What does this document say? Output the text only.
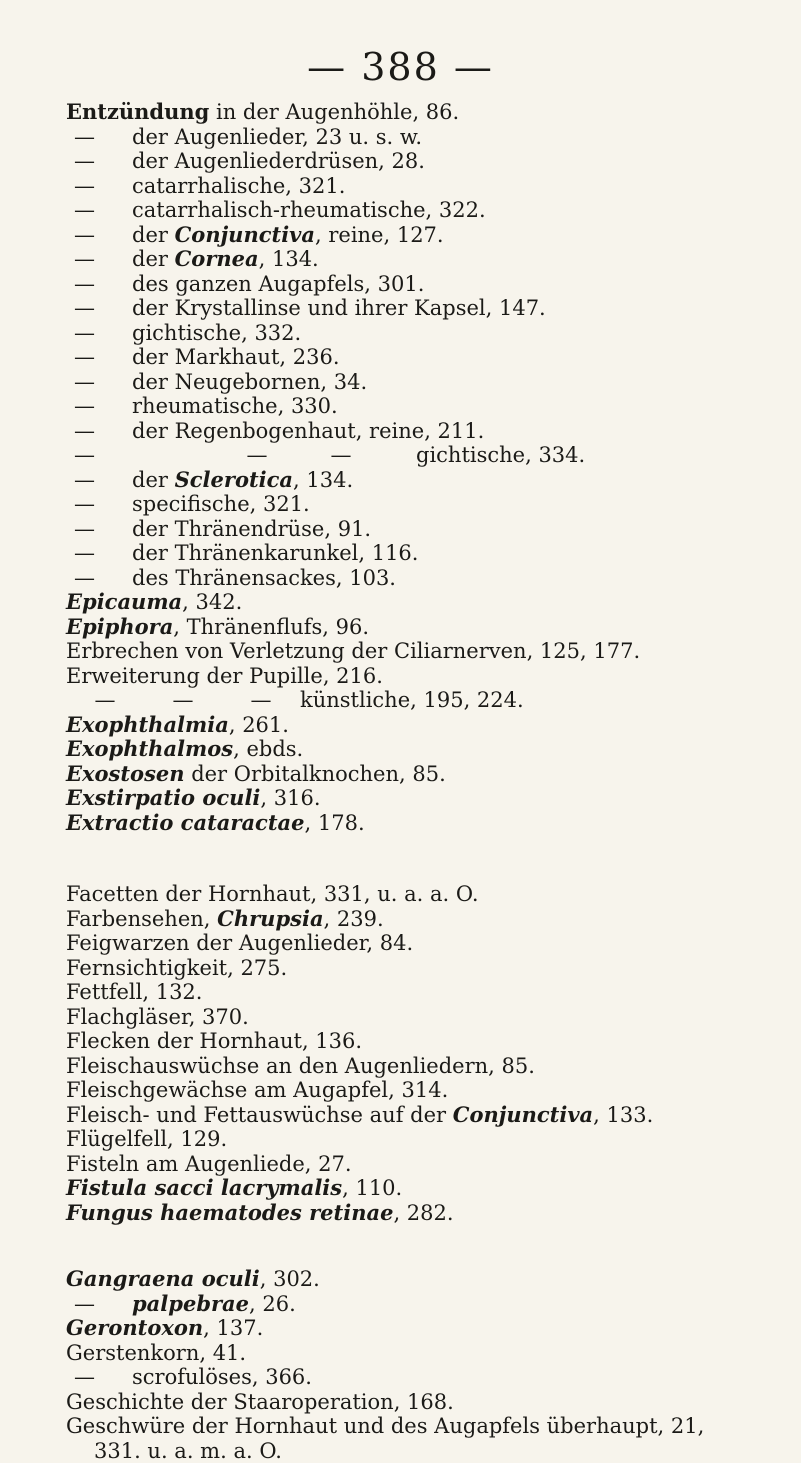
— 388 —
Entzündung in der Augenhöhle, 86.
— der Augenlieder, 23 u. s. w.
— der Augenliederdrüsen, 28.
— catarrhalische, 321.
— catarrhalisch-rheumatische, 322.
— der Conjunctiva, reine, 127.
— der Cornea, 134.
— des ganzen Augapfels, 301.
— der Krystallinse und ihrer Kapsel, 147.
— gichtische, 332.
— der Markhaut, 236.
— der Neugebornen, 34.
— rheumatische, 330.
— der Regenbogenhaut, reine, 211.
—	—	—	gichtische, 334.
— der Sclerotica, 134.
— specifische, 321.
— der Thränendrüse, 91.
— der Thränenkarunkel, 116.
— des Thränensackes, 103.
Epicauma, 342.
Epiphora, Thränenflufs, 96.
Erbrechen von Verletzung der Ciliarnerven, 125, 177.
Erweiterung der Pupille, 216.
—	—	— künstliche, 195, 224.
Exophthalmia, 261.
Exophthalmos, ebds.
Exostosen der Orbitalknochen, 85.
Exstirpatio oculi, 316.
Extractio cataractae, 178.
Facetten der Hornhaut, 331, u. a. a. O.
Farbensehen, Chrupsia, 239.
Feigwarzen der Augenlieder, 84.
Fernsichtigkeit, 275.
Fettfell, 132.
Flachgläser, 370.
Flecken der Hornhaut, 136.
Fleischauswüchse an den Augenliedern, 85.
Fleischgewächse am Augapfel, 314.
Fleisch- und Fettauswüchse auf der Conjunctiva, 133.
Flügelfell, 129.
Fisteln am Augenliede, 27.
Fistula sacci lacrymalis, 110.
Fungus haematodes retinae, 282.
Gangraena oculi, 302.
— palpebrae, 26.
Gerontoxon, 137.
Gerstenkorn, 41.
— scrofulöses, 366.
Geschichte der Staaroperation, 168.
Geschwüre der Hornhaut und des Augapfels überhaupt, 21,
331. u. a. m. a. O.
